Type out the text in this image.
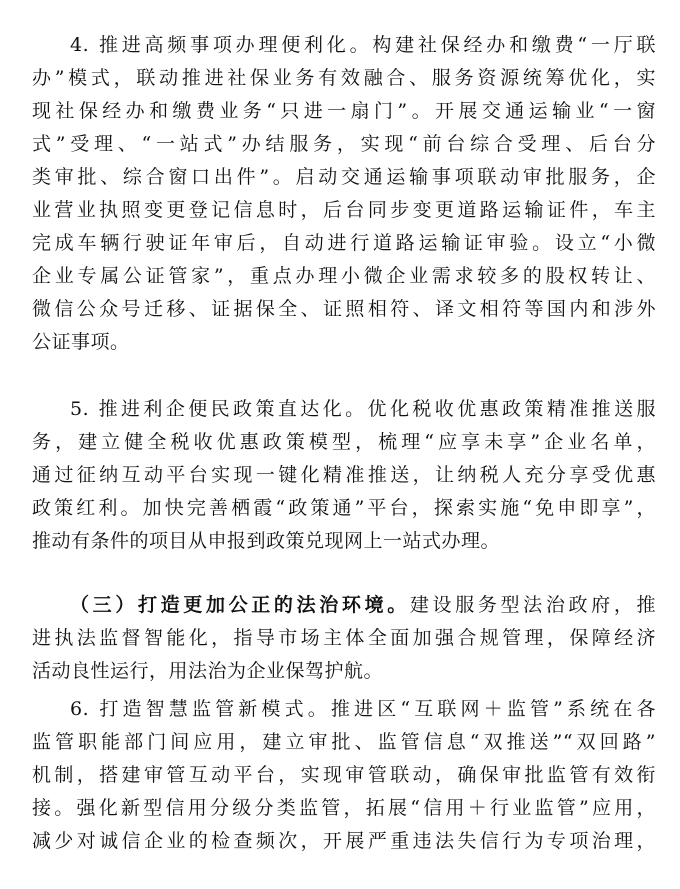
4. 推进高频事项办理便利化。构建社保经办和缴费“一厅联
办”模式，联动推进社保业务有效融合、服务资源统筹优化，实
现社保经办和缴费业务“只进一扇门”。开展交通运输业“一窗
式”受理、“一站式”办结服务，实现“前台综合受理、后台分
类审批、综合窗口出件”。启动交通运输事项联动审批服务，企
业营业执照变更登记信息时，后台同步变更道路运输证件，车主
完成车辆行驶证年审后，自动进行道路运输证审验。设立“小微
企业专属公证管家”，重点办理小微企业需求较多的股权转让、
微信公众号迁移、证据保全、证照相符、译文相符等国内和涉外
公证事项。
5. 推进利企便民政策直达化。优化税收优惠政策精准推送服
务，建立健全税收优惠政策模型，梳理“应享未享”企业名单，
通过征纳互动平台实现一键化精准推送，让纳税人充分享受优惠
政策红利。加快完善栖霞“政策通”平台，探索实施“免申即享”，
推动有条件的项目从申报到政策兑现网上一站式办理。
（三）打造更加公正的法治环境。建设服务型法治政府，推
进执法监督智能化，指导市场主体全面加强合规管理，保障经济
活动良性运行，用法治为企业保驾护航。
6. 打造智慧监管新模式。推进区“互联网＋监管”系统在各
监管职能部门间应用，建立审批、监管信息“双推送”“双回路”
机制，搭建审管互动平台，实现审管联动，确保审批监管有效衔
接。强化新型信用分级分类监管，拓展“信用＋行业监管”应用，
减少对诚信企业的检查频次，开展严重违法失信行为专项治理，
